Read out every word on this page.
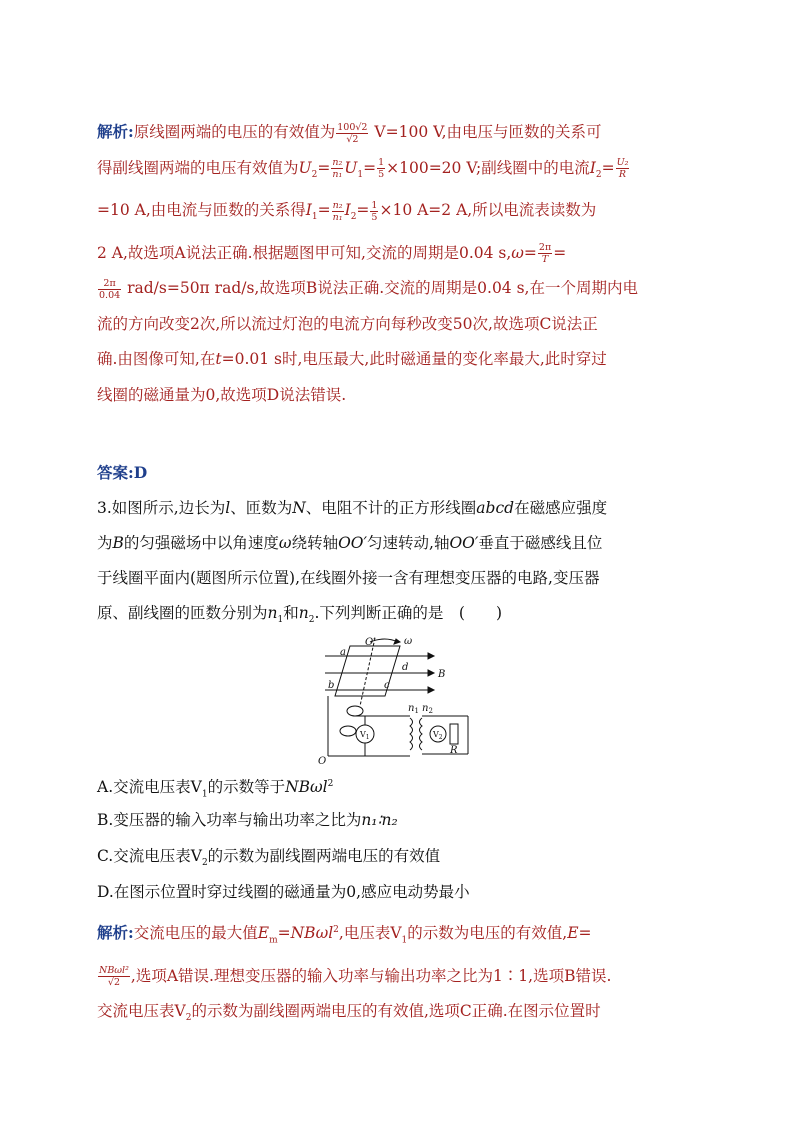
解析:原线圈两端的电压的有效值为 $\frac{100√2}{√2} V=100$ V,由电压与匝数的关系可

得副线圈两端的电压有效值为$U_2= \frac{\text{n₂}}{\text{n₁}} U_1= \frac{1}{5} \times 100=20$ V;副线圈中的电流$I_2= \frac{\text{U₂}}{R}$

=10 A,由电流与匝数的关系得$I_1= \frac{\text{n₂}}{\text{n₁}} I_2= \frac{1}{5} \times 10$ A=2 A,所以电流表读数为

2 A,故选项A说法正确.根据题图甲可知,交流的周期是0.04 $s,\omega= \frac{2\pi}{T}$ =

$\frac{2\pi}{0.04} rad/s=50\pi$ rad/s,故选项B说法正确.交流的周期是0.04 s,在一个周期内电

流的方向改变2次,所以流过灯泡的电流方向每秒改变50次,故选项C说法正

确.由图像可知,在t=0.01 s时,电压最大,此时磁通量的变化率最大,此时穿过

线圈的磁通量为0,故选项D说法错误.

答案:D

3.如图所示,边长为l、匝数为N、电阻不计的正方形线圈abcd在磁感应强度

为B的匀强磁场中以角速度ω绕转轴OO′匀速转动,轴OO′垂直于磁感线且位

于线圈平面内(题图所示位置),在线圈外接一含有理想变压器的电路,变压器

原、副线圈的匝数分别为$n_1$和$n_2$.下列判断正确的是　(　　)

O′	ω
a
d
b	c
B
O
$n_1$ $n_2$
$V_1$	$V_2$
R
A.交流电压表$V_1$的示数等于NBωl$^2$
B.变压器的输入功率与输出功率之比为n₁∶n₂
C.交流电压表$V_2$的示数为副线圈两端电压的有效值
D.在图示位置时穿过线圈的磁通量为0,感应电动势最小

解析:交流电压的最大值$E_m=NB\omega l^2$,电压表$V_1$的示数为电压的有效值,E=

$\frac{\text{NBωl²}}{√2}$ ,选项A错误.理想变压器的输入功率与输出功率之比为1∶1,选项B错误.

交流电压表$V_2$的示数为副线圈两端电压的有效值,选项C正确.在图示位置时
